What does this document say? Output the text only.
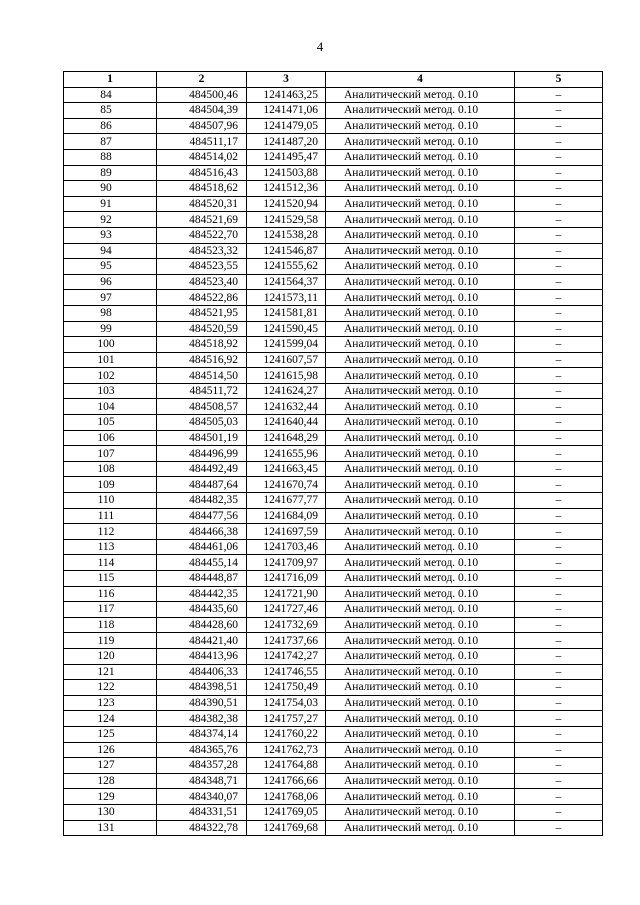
4
1	2	3	4	5
84	484500,46	1241463,25	Аналитический метод. 0.10	–
85	484504,39	1241471,06	Аналитический метод. 0.10	–
86	484507,96	1241479,05	Аналитический метод. 0.10	–
87	484511,17	1241487,20	Аналитический метод. 0.10	–
88	484514,02	1241495,47	Аналитический метод. 0.10	–
89	484516,43	1241503,88	Аналитический метод. 0.10	–
90	484518,62	1241512,36	Аналитический метод. 0.10	–
91	484520,31	1241520,94	Аналитический метод. 0.10	–
92	484521,69	1241529,58	Аналитический метод. 0.10	–
93	484522,70	1241538,28	Аналитический метод. 0.10	–
94	484523,32	1241546,87	Аналитический метод. 0.10	–
95	484523,55	1241555,62	Аналитический метод. 0.10	–
96	484523,40	1241564,37	Аналитический метод. 0.10	–
97	484522,86	1241573,11	Аналитический метод. 0.10	–
98	484521,95	1241581,81	Аналитический метод. 0.10	–
99	484520,59	1241590,45	Аналитический метод. 0.10	–
100	484518,92	1241599,04	Аналитический метод. 0.10	–
101	484516,92	1241607,57	Аналитический метод. 0.10	–
102	484514,50	1241615,98	Аналитический метод. 0.10	–
103	484511,72	1241624,27	Аналитический метод. 0.10	–
104	484508,57	1241632,44	Аналитический метод. 0.10	–
105	484505,03	1241640,44	Аналитический метод. 0.10	–
106	484501,19	1241648,29	Аналитический метод. 0.10	–
107	484496,99	1241655,96	Аналитический метод. 0.10	–
108	484492,49	1241663,45	Аналитический метод. 0.10	–
109	484487,64	1241670,74	Аналитический метод. 0.10	–
110	484482,35	1241677,77	Аналитический метод. 0.10	–
111	484477,56	1241684,09	Аналитический метод. 0.10	–
112	484466,38	1241697,59	Аналитический метод. 0.10	–
113	484461,06	1241703,46	Аналитический метод. 0.10	–
114	484455,14	1241709,97	Аналитический метод. 0.10	–
115	484448,87	1241716,09	Аналитический метод. 0.10	–
116	484442,35	1241721,90	Аналитический метод. 0.10	–
117	484435,60	1241727,46	Аналитический метод. 0.10	–
118	484428,60	1241732,69	Аналитический метод. 0.10	–
119	484421,40	1241737,66	Аналитический метод. 0.10	–
120	484413,96	1241742,27	Аналитический метод. 0.10	–
121	484406,33	1241746,55	Аналитический метод. 0.10	–
122	484398,51	1241750,49	Аналитический метод. 0.10	–
123	484390,51	1241754,03	Аналитический метод. 0.10	–
124	484382,38	1241757,27	Аналитический метод. 0.10	–
125	484374,14	1241760,22	Аналитический метод. 0.10	–
126	484365,76	1241762,73	Аналитический метод. 0.10	–
127	484357,28	1241764,88	Аналитический метод. 0.10	–
128	484348,71	1241766,66	Аналитический метод. 0.10	–
129	484340,07	1241768,06	Аналитический метод. 0.10	–
130	484331,51	1241769,05	Аналитический метод. 0.10	–
131	484322,78	1241769,68	Аналитический метод. 0.10	–
